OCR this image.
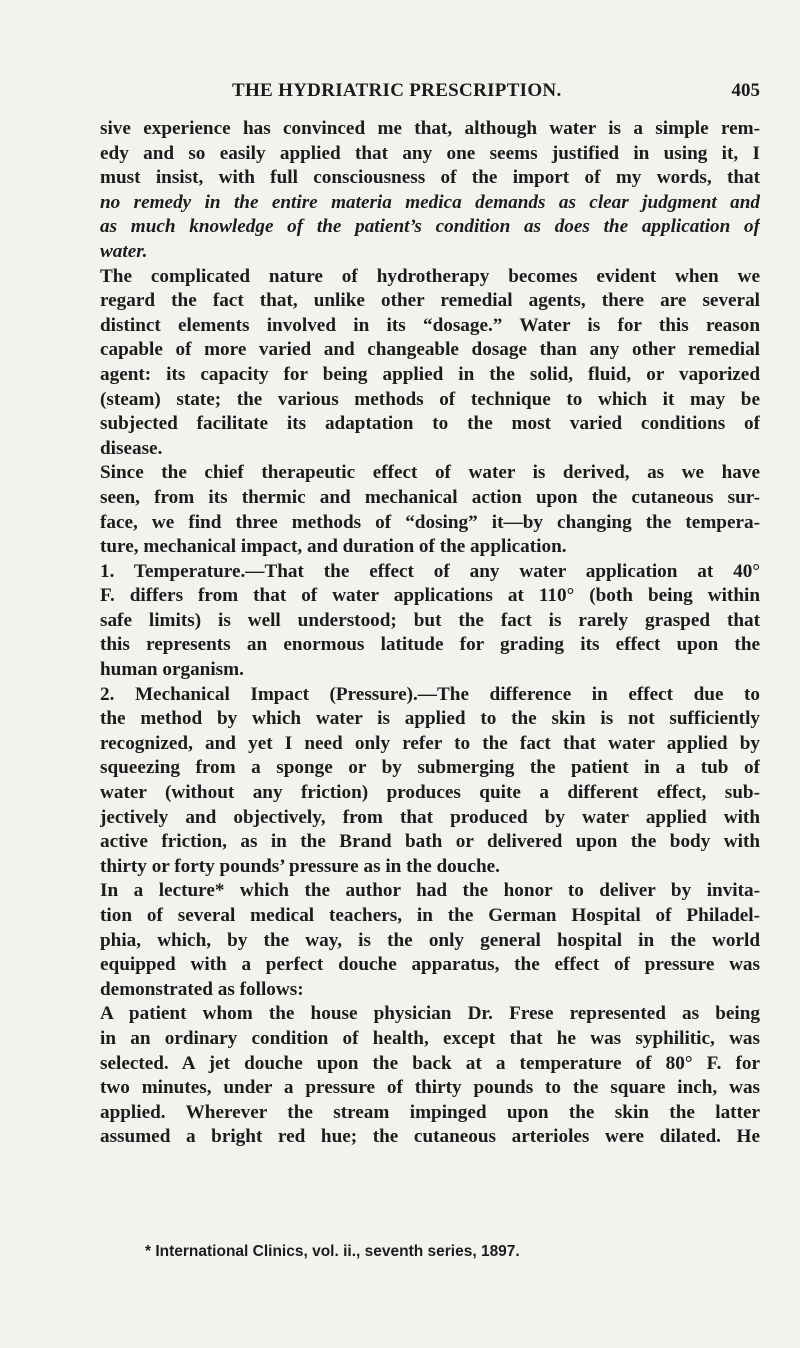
THE HYDRIATRIC PRESCRIPTION.	405

sive experience has convinced me that, although water is a simple rem-
edy and so easily applied that any one seems justified in using it, I
must insist, with full consciousness of the import of my words, that
no remedy in the entire materia medica demands as clear judgment and
as much knowledge of the patient’s condition as does the application of
water.

The complicated nature of hydrotherapy becomes evident when we
regard the fact that, unlike other remedial agents, there are several
distinct elements involved in its “dosage.” Water is for this reason
capable of more varied and changeable dosage than any other remedial
agent: its capacity for being applied in the solid, fluid, or vaporized
(steam) state; the various methods of technique to which it may be
subjected facilitate its adaptation to the most varied conditions of
disease.

Since the chief therapeutic effect of water is derived, as we have
seen, from its thermic and mechanical action upon the cutaneous sur-
face, we find three methods of “dosing” it—by changing the tempera-
ture, mechanical impact, and duration of the application.

1. Temperature.—That the effect of any water application at 40°
F. differs from that of water applications at 110° (both being within
safe limits) is well understood; but the fact is rarely grasped that
this represents an enormous latitude for grading its effect upon the
human organism.

2. Mechanical Impact (Pressure).—The difference in effect due to
the method by which water is applied to the skin is not sufficiently
recognized, and yet I need only refer to the fact that water applied by
squeezing from a sponge or by submerging the patient in a tub of
water (without any friction) produces quite a different effect, sub-
jectively and objectively, from that produced by water applied with
active friction, as in the Brand bath or delivered upon the body with
thirty or forty pounds’ pressure as in the douche.

In a lecture* which the author had the honor to deliver by invita-
tion of several medical teachers, in the German Hospital of Philadel-
phia, which, by the way, is the only general hospital in the world
equipped with a perfect douche apparatus, the effect of pressure was
demonstrated as follows:

A patient whom the house physician Dr. Frese represented as being
in an ordinary condition of health, except that he was syphilitic, was
selected. A jet douche upon the back at a temperature of 80° F. for
two minutes, under a pressure of thirty pounds to the square inch, was
applied. Wherever the stream impinged upon the skin the latter
assumed a bright red hue; the cutaneous arterioles were dilated. He

* International Clinics, vol. ii., seventh series, 1897.
